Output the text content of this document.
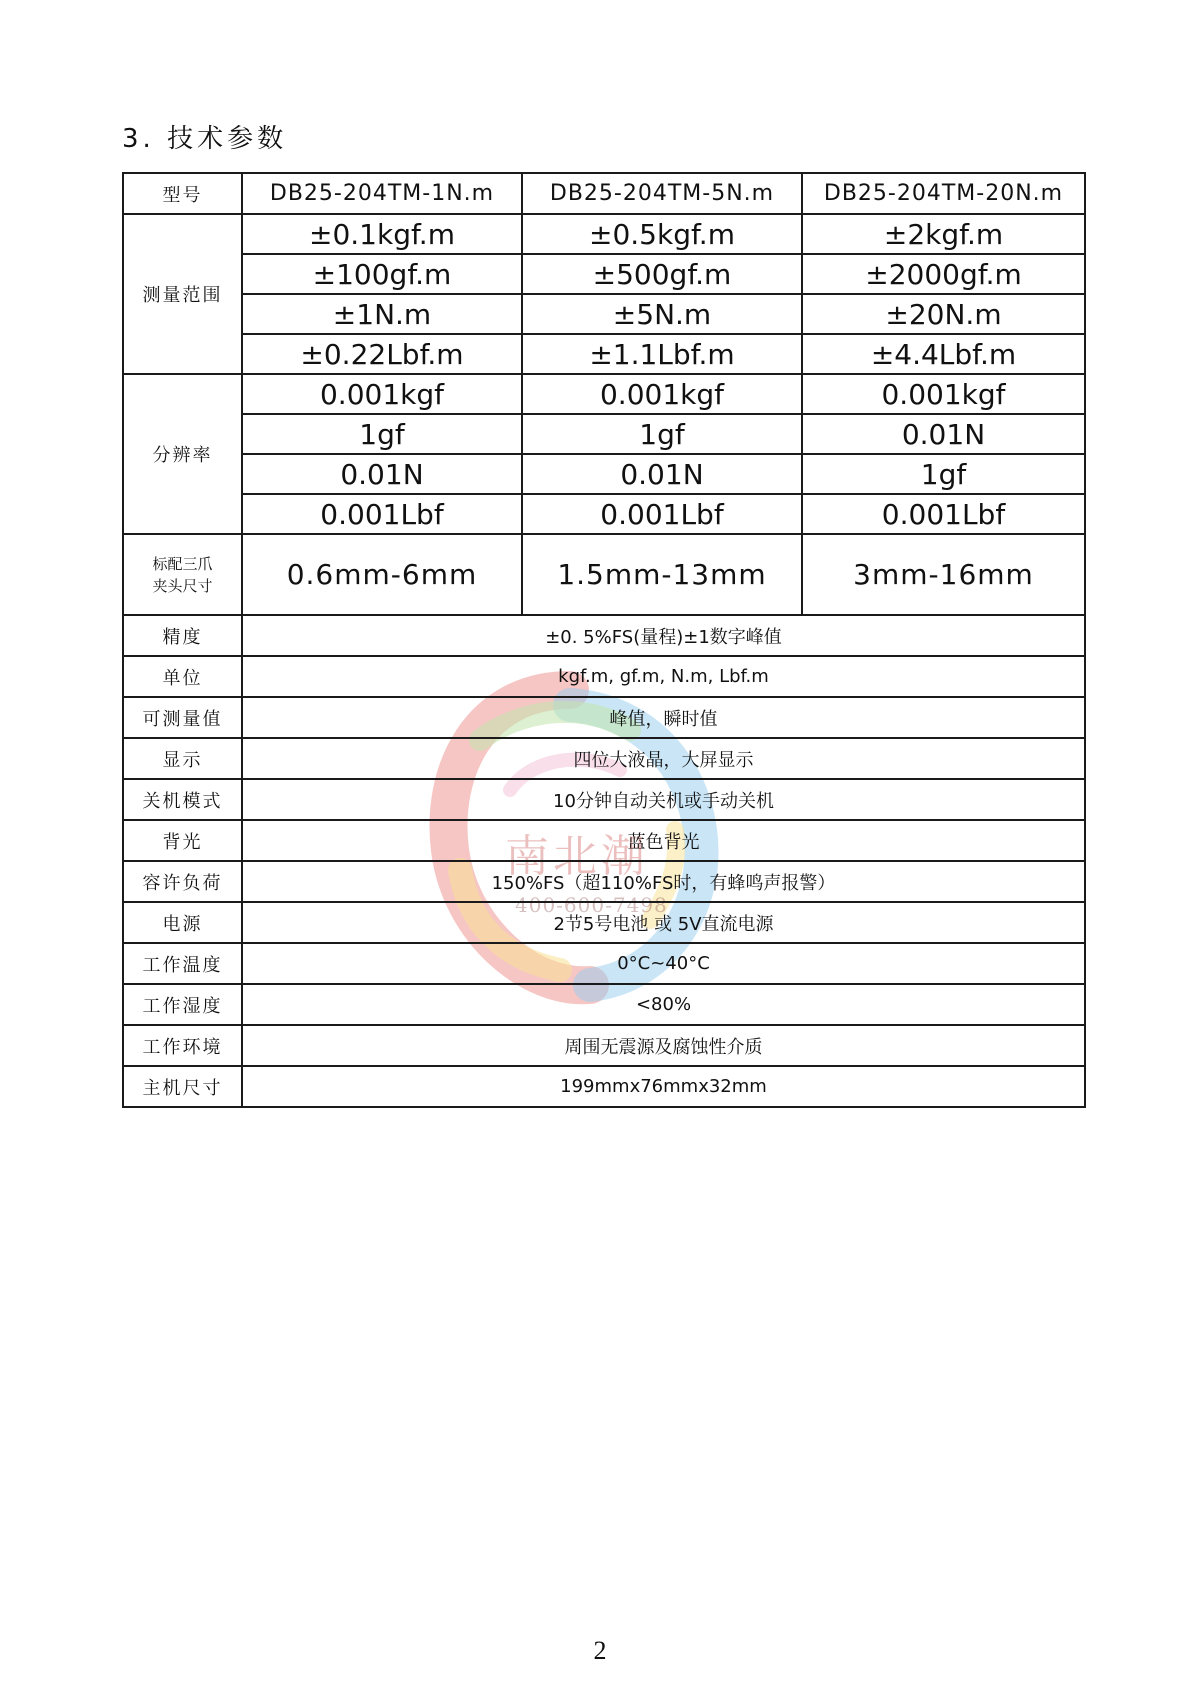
3. 技术参数
南北潮
400-600-7498
型号	DB25-204TM-1N.m	DB25-204TM-5N.m	DB25-204TM-20N.m
测量范围	±0.1kgf.m	±0.5kgf.m	±2kgf.m
	±100gf.m	±500gf.m	±2000gf.m
	±1N.m	±5N.m	±20N.m
	±0.22Lbf.m	±1.1Lbf.m	±4.4Lbf.m
分辨率	0.001kgf	0.001kgf	0.001kgf
	1gf	1gf	0.01N
	0.01N	0.01N	1gf
	0.001Lbf	0.001Lbf	0.001Lbf
标配三爪
夹头尺寸	0.6mm-6mm	1.5mm-13mm	3mm-16mm
精度	±0. 5%FS(量程)±1数字峰值		
单位	kgf.m, gf.m, N.m, Lbf.m		
可测量值	峰值，瞬时值		
显示	四位大液晶，大屏显示		
关机模式	10分钟自动关机或手动关机		
背光	蓝色背光		
容许负荷	150%FS（超110%FS时，有蜂鸣声报警）		
电源	2节5号电池 或 5V直流电源		
工作温度	0°C~40°C		
工作湿度	<80%		
工作环境	周围无震源及腐蚀性介质		
主机尺寸	199mmx76mmx32mm		
2
